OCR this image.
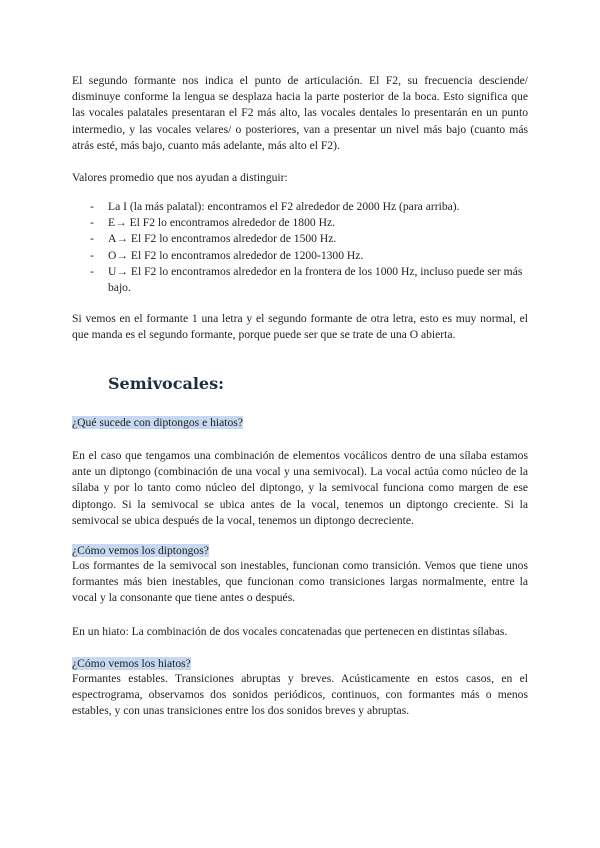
El segundo formante nos indica el punto de articulación. El F2, su frecuencia desciende/ disminuye conforme la lengua se desplaza hacia la parte posterior de la boca. Esto significa que las vocales palatales presentaran el F2 más alto, las vocales dentales lo presentarán en un punto intermedio, y las vocales velares/ o posteriores, van a presentar un nivel más bajo (cuanto más atrás esté, más bajo, cuanto más adelante, más alto el F2).

Valores promedio que nos ayudan a distinguir:

- La I (la más palatal): encontramos el F2 alrededor de 2000 Hz (para arriba).
- E→ El F2 lo encontramos alrededor de 1800 Hz.
- A→ El F2 lo encontramos alrededor de 1500 Hz.
- O→ El F2 lo encontramos alrededor de 1200-1300 Hz.
- U→ El F2 lo encontramos alrededor en la frontera de los 1000 Hz, incluso puede ser más bajo.

Si vemos en el formante 1 una letra y el segundo formante de otra letra, esto es muy normal, el que manda es el segundo formante, porque puede ser que se trate de una O abierta.

Semivocales:
¿Qué sucede con diptongos e hiatos?

En el caso que tengamos una combinación de elementos vocálicos dentro de una sílaba estamos ante un diptongo (combinación de una vocal y una semivocal). La vocal actúa como núcleo de la sílaba y por lo tanto como núcleo del diptongo, y la semivocal funciona como margen de ese diptongo. Si la semivocal se ubica antes de la vocal, tenemos un diptongo creciente. Si la semivocal se ubica después de la vocal, tenemos un diptongo decreciente.

¿Cómo vemos los diptongos?

Los formantes de la semivocal son inestables, funcionan como transición. Vemos que tiene unos formantes más bien inestables, que funcionan como transiciones largas normalmente, entre la vocal y la consonante que tiene antes o después.

En un hiato: La combinación de dos vocales concatenadas que pertenecen en distintas sílabas.

¿Cómo vemos los hiatos?

Formantes estables. Transiciones abruptas y breves. Acústicamente en estos casos, en el espectrograma, observamos dos sonidos periódicos, continuos, con formantes más o menos estables, y con unas transiciones entre los dos sonidos breves y abruptas.
